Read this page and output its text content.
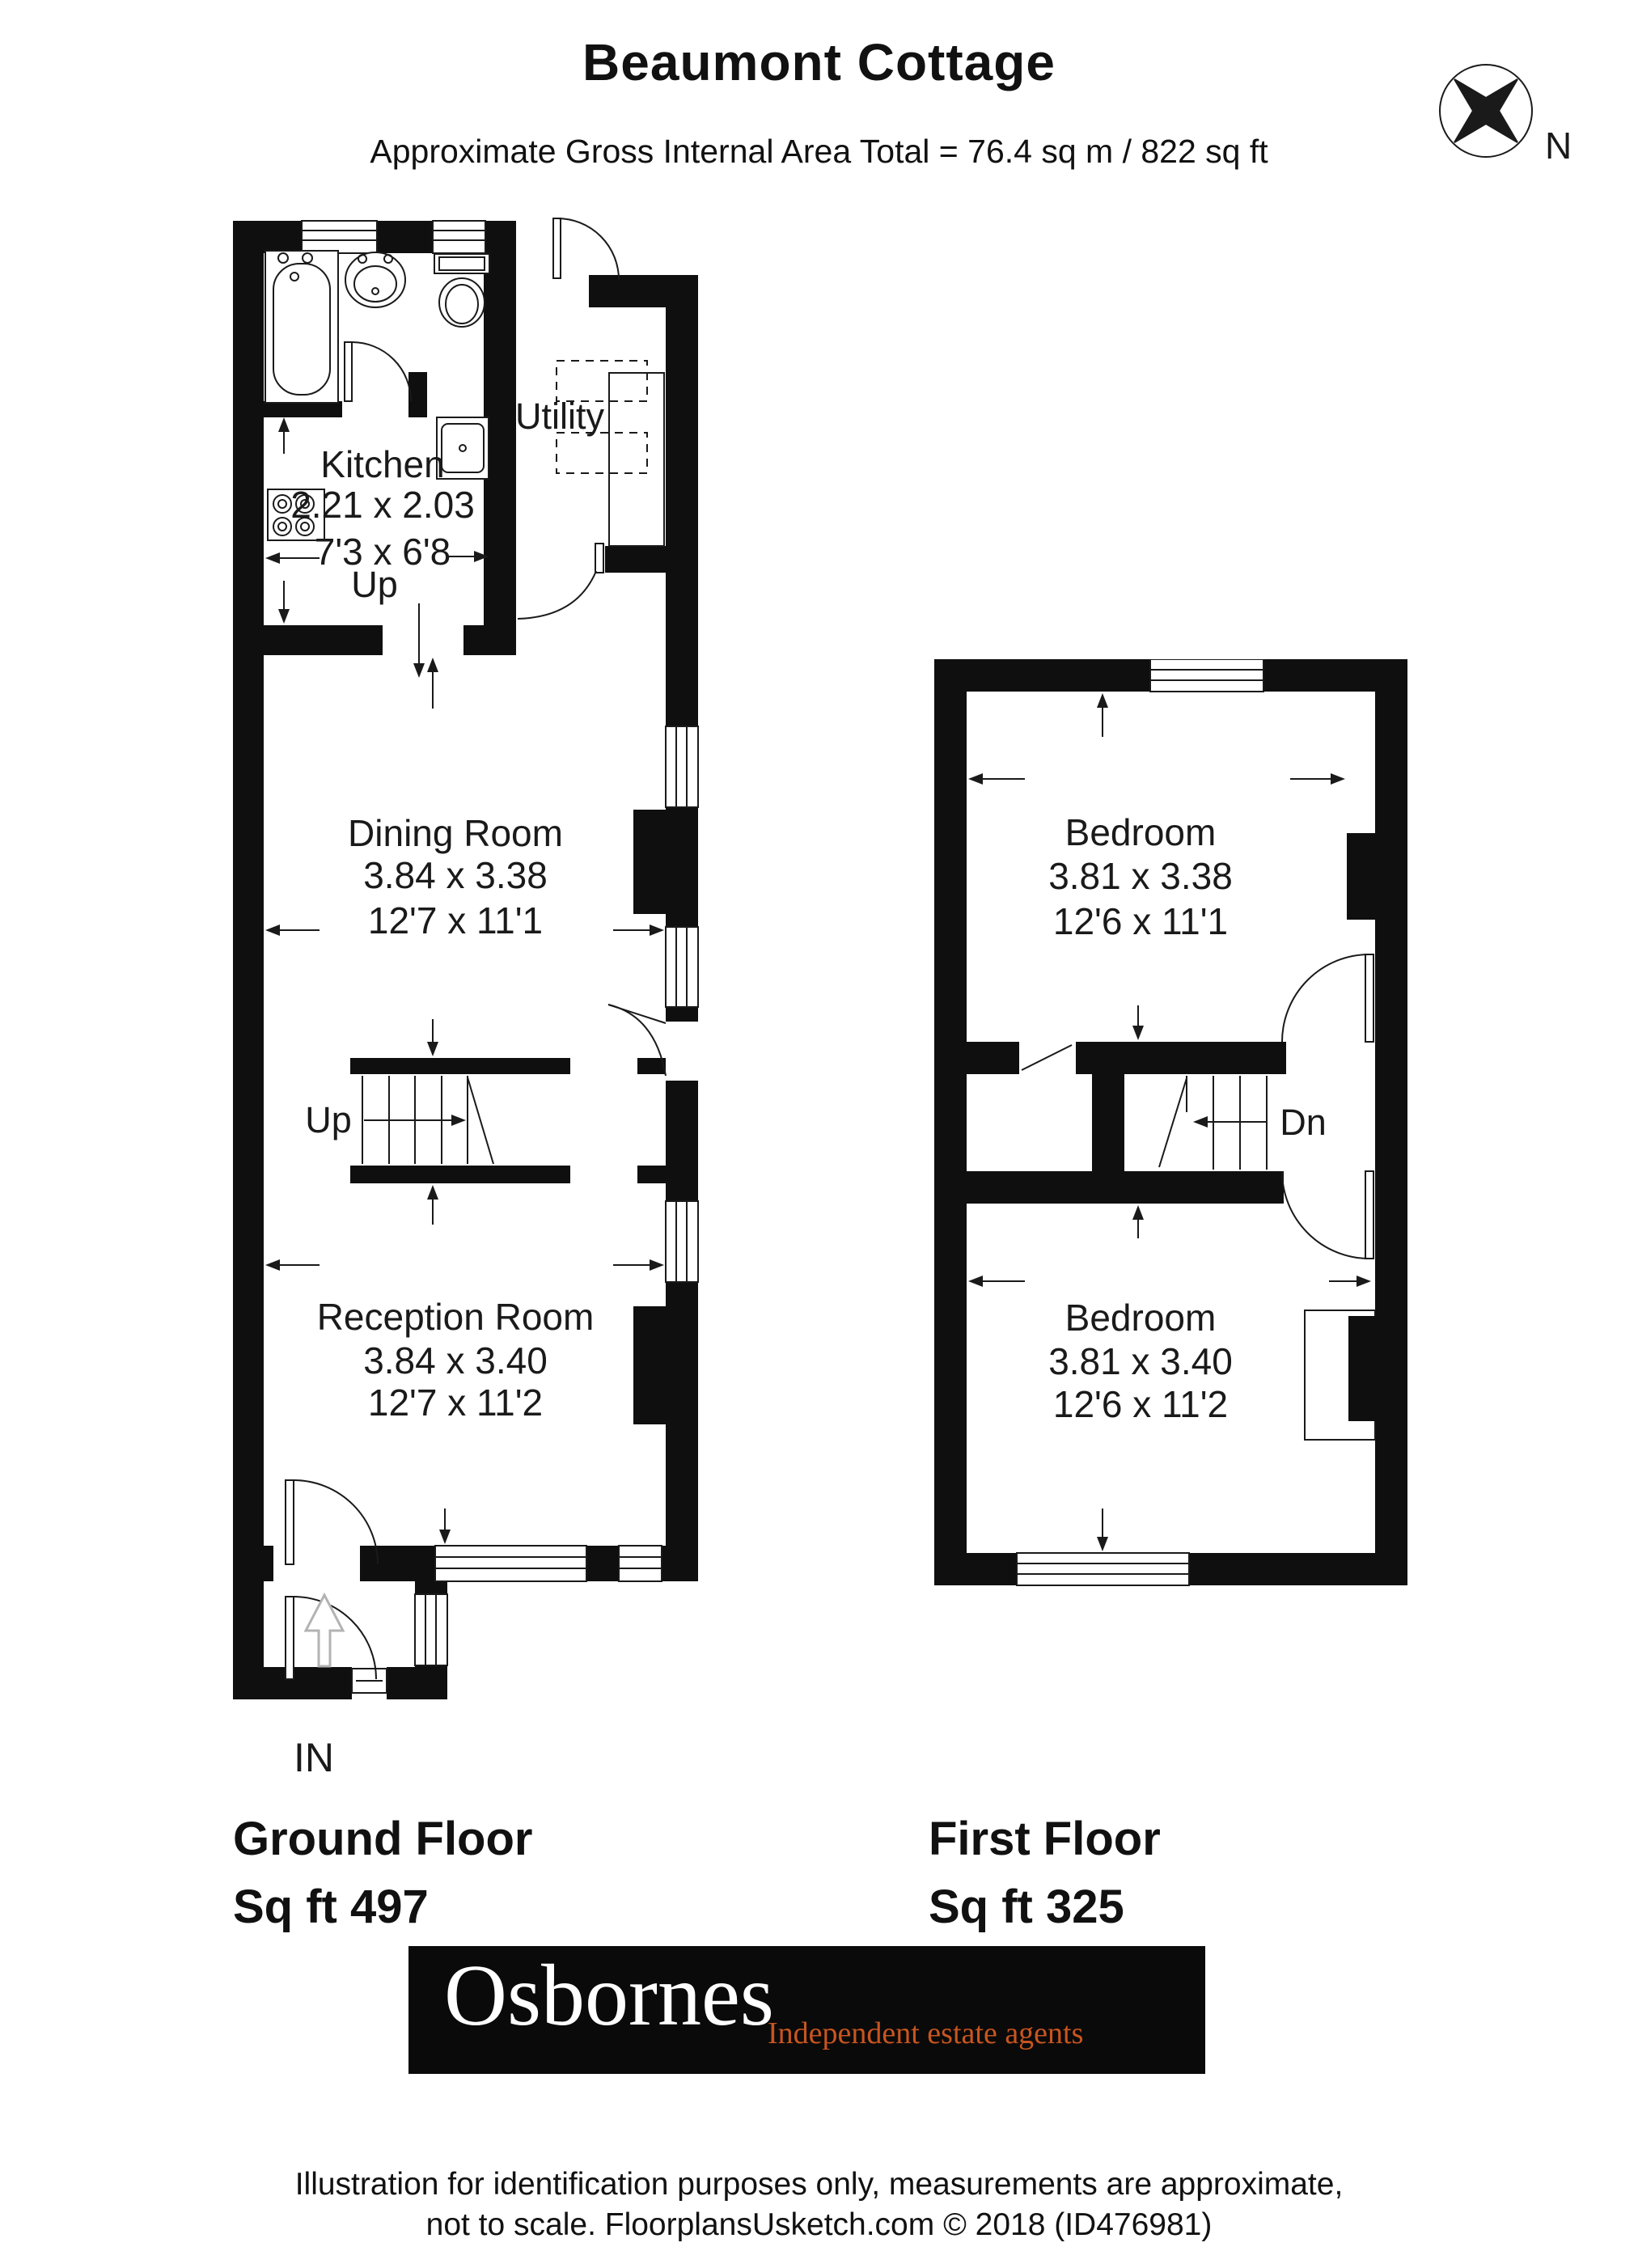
Beaumont Cottage
Approximate Gross Internal Area Total = 76.4 sq m / 822 sq ft	N
Kitchen
2.21 x 2.03
7'3 x 6'8
Up
Utility
Dining Room
3.84 x 3.38
12'7 x 11'1
Up
Reception Room
3.84 x 3.40
12'7 x 11'2
IN
Bedroom
3.81 x 3.38
12'6 x 11'1
Dn
Bedroom
3.81 x 3.40
12'6 x 11'2
Ground Floor
Sq ft 497
First Floor
Sq ft 325
Osbornes
Independent estate agents
Illustration for identification purposes only, measurements are approximate,
not to scale. FloorplansUsketch.com © 2018 (ID476981)
